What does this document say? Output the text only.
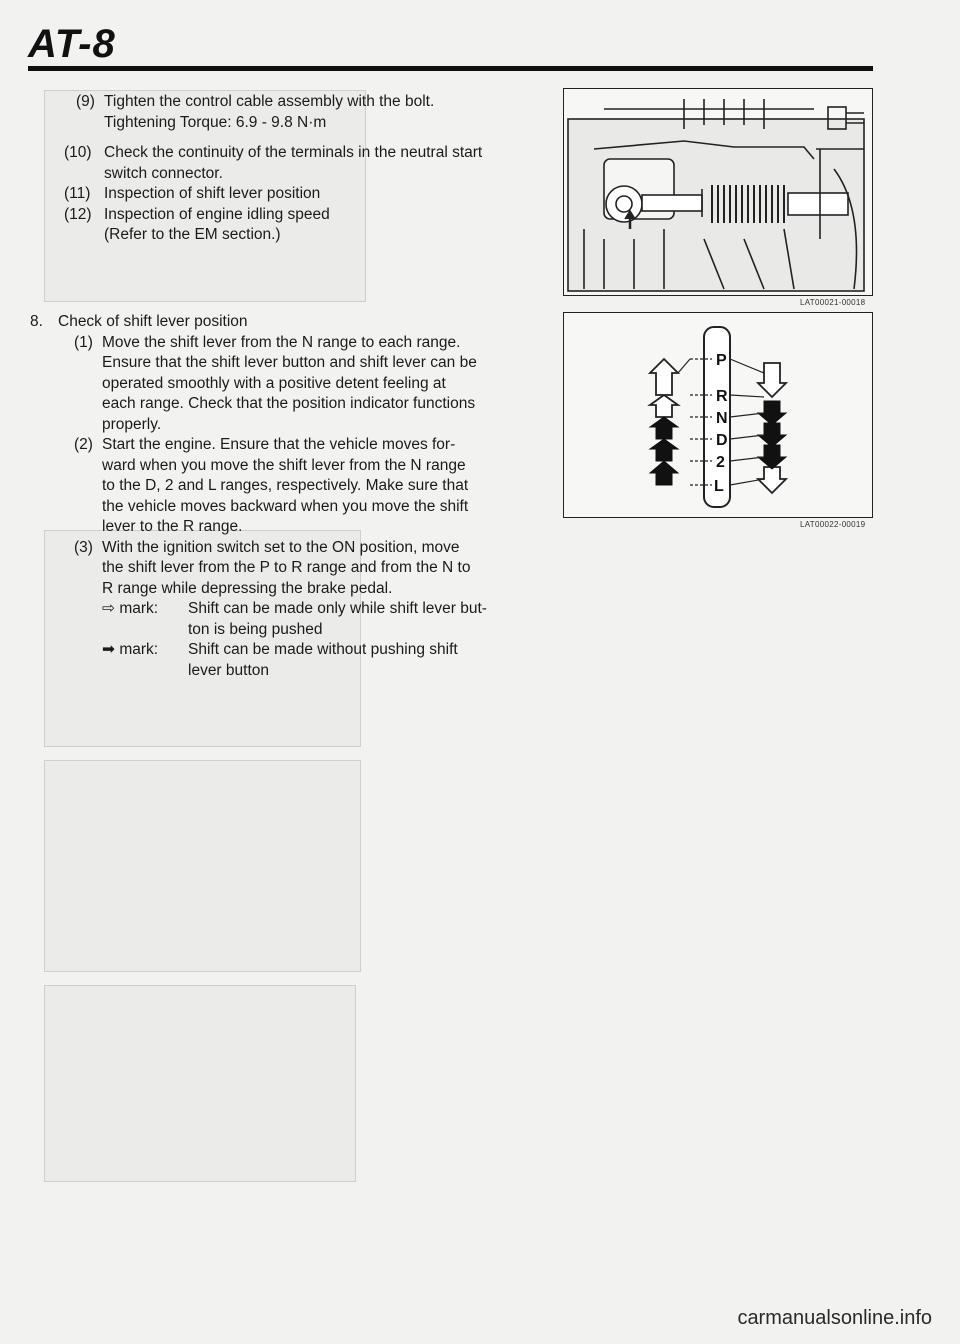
AT-8
(9) Tighten the control cable assembly with the bolt.
Tightening Torque: 6.9 - 9.8 N·m
(10) Check the continuity of the terminals in the neutral start
switch connector.
(11) Inspection of shift lever position
(12) Inspection of engine idling speed
(Refer to the EM section.)
8. Check of shift lever position
(1) Move the shift lever from the N range to each range.
Ensure that the shift lever button and shift lever can be
operated smoothly with a positive detent feeling at
each range. Check that the position indicator functions
properly.
(2) Start the engine. Ensure that the vehicle moves for-
ward when you move the shift lever from the N range
to the D, 2 and L ranges, respectively. Make sure that
the vehicle moves backward when you move the shift
lever to the R range.
(3) With the ignition switch set to the ON position, move
the shift lever from the P to R range and from the N to
R range while depressing the brake pedal.
⇨ mark: Shift can be made only while shift lever but-
ton is being pushed
➡ mark: Shift can be made without pushing shift
lever button
LAT00021-00018
P
R
N
D
2
L
LAT00022-00019
carmanualsonline.info
